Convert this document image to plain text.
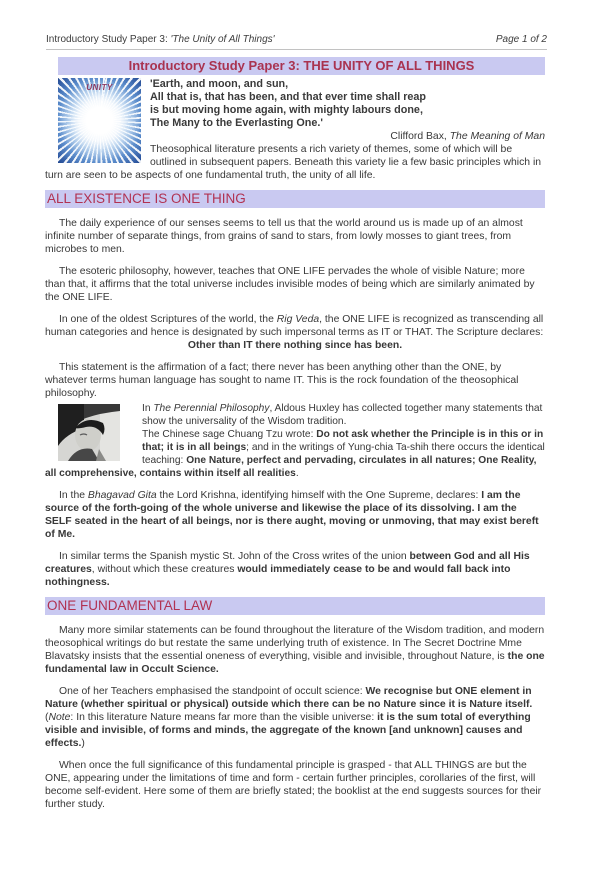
Introductory Study Paper 3: 'The Unity of All Things'	Page 1 of 2
Introductory Study Paper 3: THE UNITY OF ALL THINGS
UNITY	'Earth, and moon, and sun,
All that is, that has been, and that ever time shall reap
is but moving home again, with mighty labours done,
The Many to the Everlasting One.'
Clifford Bax, The Meaning of Man

Theosophical literature presents a rich variety of themes, some of which will be outlined in subsequent papers. Beneath this variety lie a few basic principles which in turn are seen to be aspects of one fundamental truth, the unity of all life.

ALL EXISTENCE IS ONE THING

The daily experience of our senses seems to tell us that the world around us is made up of an almost infinite number of separate things, from grains of sand to stars, from lowly mosses to giant trees, from microbes to men.

The esoteric philosophy, however, teaches that ONE LIFE pervades the whole of visible Nature; more than that, it affirms that the total universe includes invisible modes of being which are similarly animated by the ONE LIFE.

In one of the oldest Scriptures of the world, the Rig Veda, the ONE LIFE is recognized as transcending all human categories and hence is designated by such impersonal terms as IT or THAT. The Scripture declares:

Other than IT there nothing since has been.

This statement is the affirmation of a fact; there never has been anything other than the ONE, by whatever terms human language has sought to name IT. This is the rock foundation of the theosophical philosophy.

In The Perennial Philosophy, Aldous Huxley has collected together many statements that show the universality of the Wisdom tradition.

The Chinese sage Chuang Tzu wrote: Do not ask whether the Principle is in this or in that; it is in all beings; and in the writings of Yung-chia Ta-shih there occurs the identical teaching: One Nature, perfect and pervading, circulates in all natures; One Reality, all comprehensive, contains within itself all realities.

In the Bhagavad Gita the Lord Krishna, identifying himself with the One Supreme, declares: I am the source of the forth-going of the whole universe and likewise the place of its dissolving. I am the SELF seated in the heart of all beings, nor is there aught, moving or unmoving, that may exist bereft of Me.

In similar terms the Spanish mystic St. John of the Cross writes of the union between God and all His creatures, without which these creatures would immediately cease to be and would fall back into nothingness.

ONE FUNDAMENTAL LAW

Many more similar statements can be found throughout the literature of the Wisdom tradition, and modern theosophical writings do but restate the same underlying truth of existence. In The Secret Doctrine Mme Blavatsky insists that the essential oneness of everything, visible and invisible, throughout Nature, is the one fundamental law in Occult Science.

One of her Teachers emphasised the standpoint of occult science: We recognise but ONE element in Nature (whether spiritual or physical) outside which there can be no Nature since it is Nature itself. (Note: In this literature Nature means far more than the visible universe: it is the sum total of everything visible and invisible, of forms and minds, the aggregate of the known [and unknown] causes and effects.)

When once the full significance of this fundamental principle is grasped - that ALL THINGS are but the ONE, appearing under the limitations of time and form - certain further principles, corollaries of the first, will become self-evident. Here some of them are briefly stated; the booklist at the end suggests sources for their further study.
